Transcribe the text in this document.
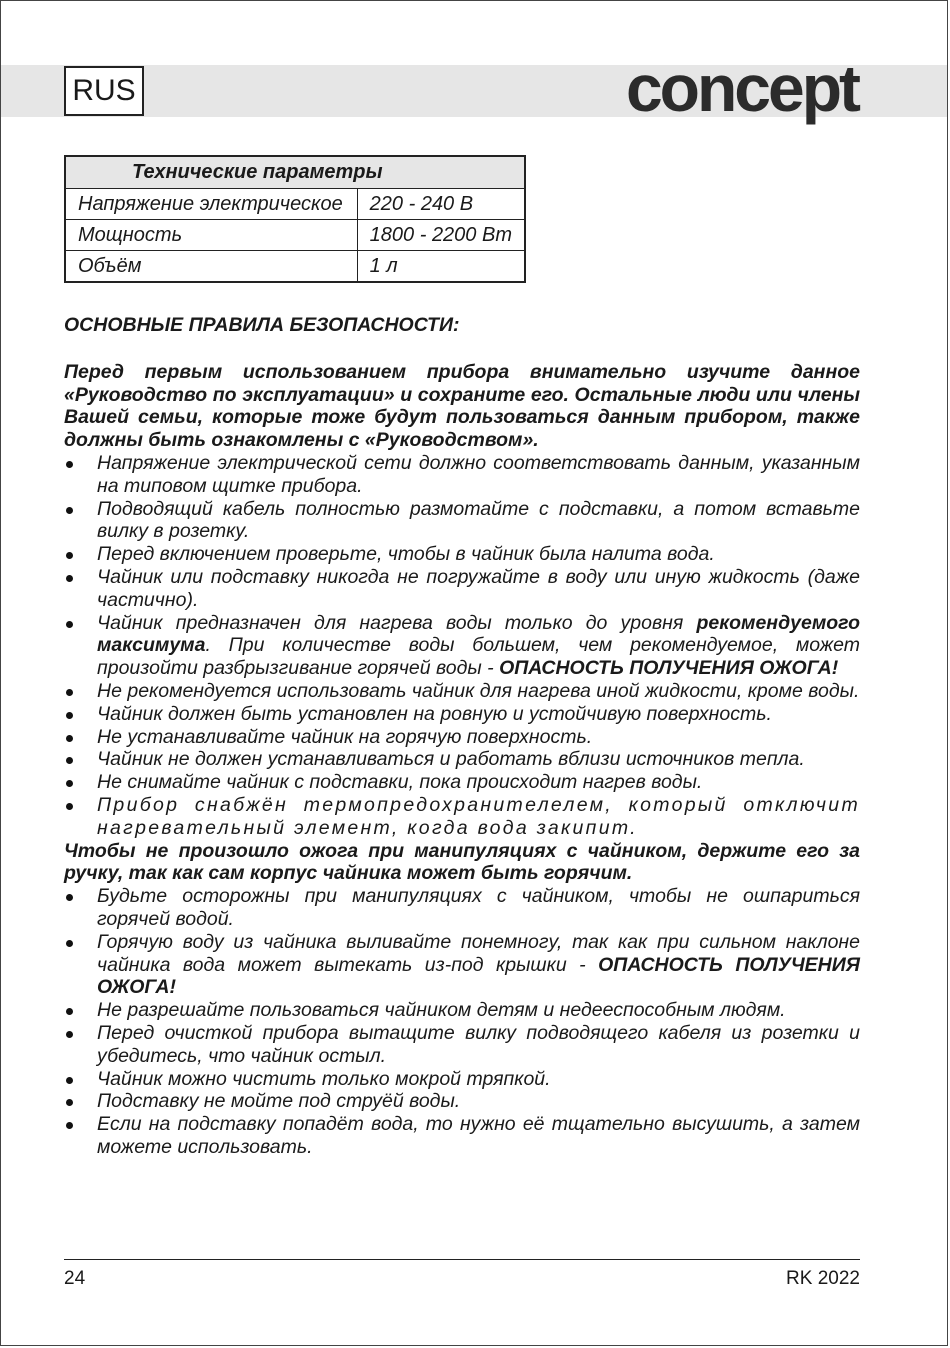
RUS	concept
Технические параметры	
Напряжение электрическое	220 - 240 В
Мощность	1800 - 2200 Вт
Объём	1 л

ОСНОВНЫЕ ПРАВИЛА БЕЗОПАСНОСТИ:

Перед первым использованием прибора внимательно изучите данное «Руководство по эксплуатации» и сохраните его. Остальные люди или члены Вашей семьи, которые тоже будут пользоваться данным прибором, также должны быть ознакомлены с «Руководством».

Напряжение электрической сети должно соответствовать данным, указанным на типовом щитке прибора.
Подводящий кабель полностью размотайте с подставки, а потом вставьте вилку в розетку.
Перед включением проверьте, чтобы в чайник была налита вода.
Чайник или подставку никогда не погружайте в воду или иную жидкость (даже частично).
Чайник предназначен для нагрева воды только до уровня рекомендуемого максимума. При количестве воды большем, чем рекомендуемое, может произойти разбрызгивание горячей воды - ОПАСНОСТЬ ПОЛУЧЕНИЯ ОЖОГА!
Не рекомендуется использовать чайник для нагрева иной жидкости, кроме воды.
Чайник должен быть установлен на ровную и устойчивую поверхность.
Не устанавливайте чайник на горячую поверхность.
Чайник не должен устанавливаться и работать вблизи источников тепла.
Не снимайте чайник с подставки, пока происходит нагрев воды.
Прибор снабжён термопредохранителелем, который отключит нагревательный элемент, когда вода закипит.

Чтобы не произошло ожога при манипуляциях с чайником, держите его за ручку, так как сам корпус чайника может быть горячим.

Будьте осторожны при манипуляциях с чайником, чтобы не ошпариться горячей водой.
Горячую воду из чайника выливайте понемногу, так как при сильном наклоне чайника вода может вытекать из-под крышки - ОПАСНОСТЬ ПОЛУЧЕНИЯ ОЖОГА!
Не разрешайте пользоваться чайником детям и недееспособным людям.
Перед очисткой прибора вытащите вилку подводящего кабеля из розетки и убедитесь, что чайник остыл.
Чайник можно чистить только мокрой тряпкой.
Подставку не мойте под струёй воды.
Если на подставку попадёт вода, то нужно её тщательно высушить, а затем можете использовать.
24	RK 2022
